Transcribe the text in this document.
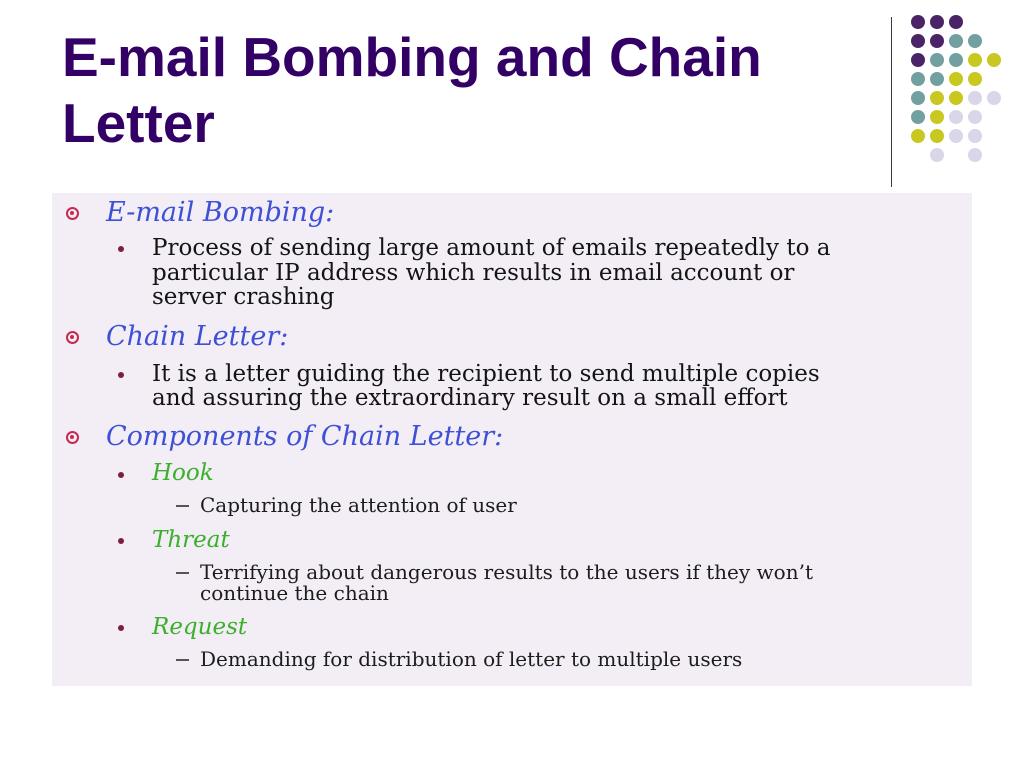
E-mail Bombing and Chain Letter
E-mail Bombing:
Process of sending large amount of emails repeatedly to a
particular IP address which results in email account or
server crashing
Chain Letter:
It is a letter guiding the recipient to send multiple copies
and assuring the extraordinary result on a small effort
Components of Chain Letter:
Hook
Capturing the attention of user
Threat
Terrifying about dangerous results to the users if they won’t
continue the chain
Request
Demanding for distribution of letter to multiple users
